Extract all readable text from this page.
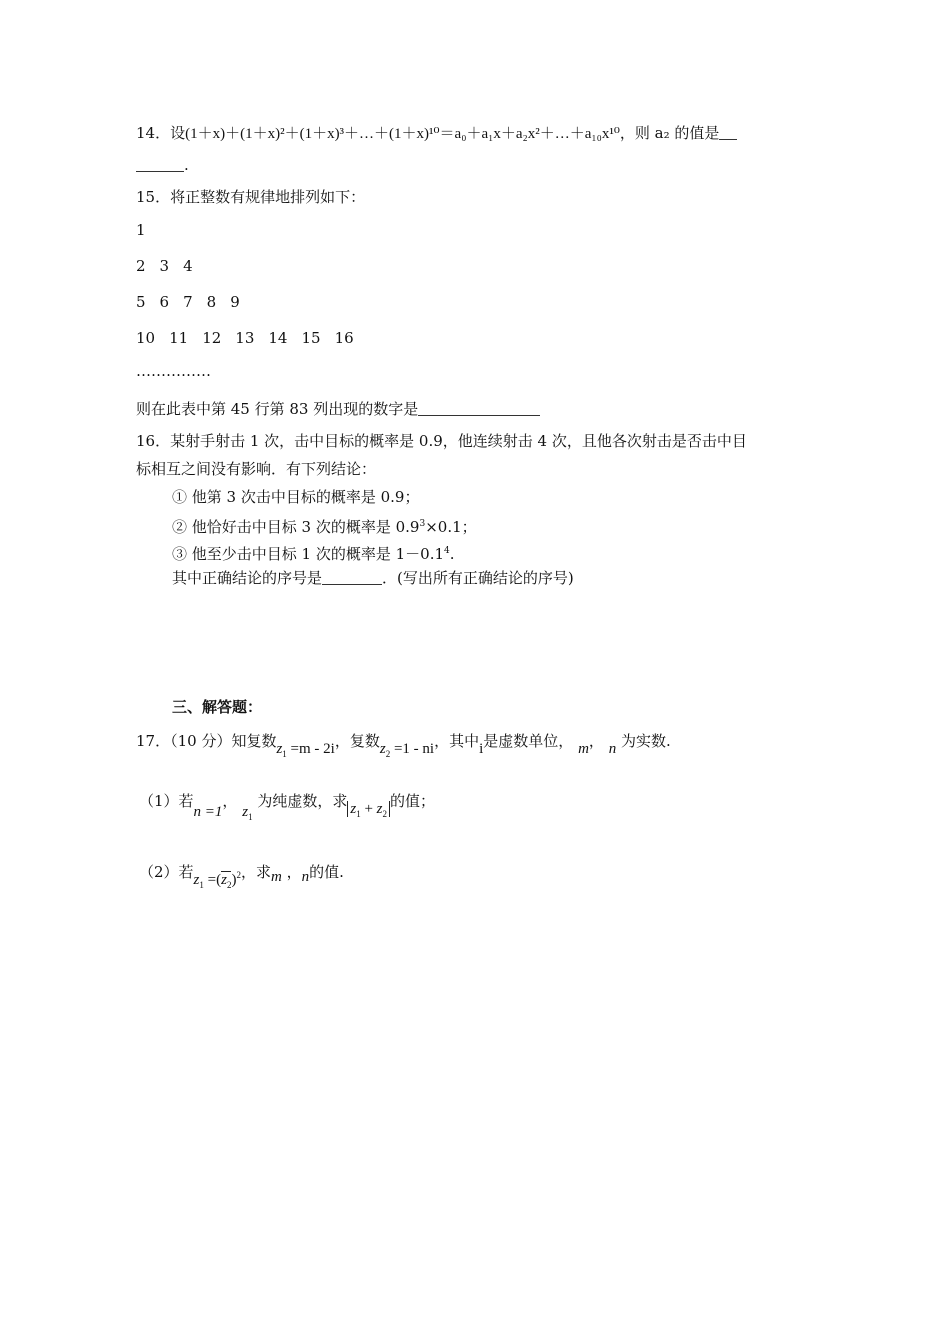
14．设(1＋x)＋(1＋x)²＋(1＋x)³＋…＋(1＋x)¹⁰＝a₀＋a₁x＋a₂x²＋…＋a₁₀x¹⁰，则 a₂ 的值是
.
15．将正整数有规律地排列如下：
1
2 3 4
5 6 7 8 9
10 11 12 13 14 15 16
……………
则在此表中第 45 行第 83 列出现的数字是
16．某射手射击 1 次，击中目标的概率是 0.9，他连续射击 4 次，且他各次射击是否击中目
标相互之间没有影响．有下列结论：
① 他第 3 次击中目标的概率是 0.9；
② 他恰好击中目标 3 次的概率是 $0.9^3\times 0.1$；
③ 他至少击中目标 1 次的概率是 $1-0.1^4$.
其中正确结论的序号是	．(写出所有正确结论的序号)
三、解答题：
17．（10 分）知复数$z_1 =m - 2i$，复数$z_2 =1$ - ni，其中i是虚数单位， m， n 为实数.
（1）若n =1， $z_1$ 为纯虚数，求 $z_1 + z_2$的值；
（2）若$z_1 =(z_2)^2$，求m ，n的值.
